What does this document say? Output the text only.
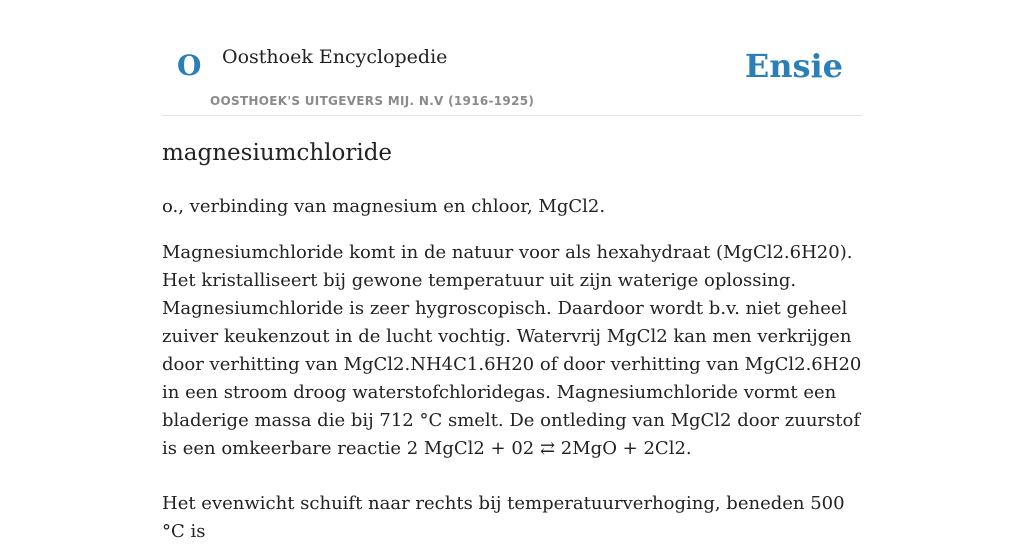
O Oosthoek Encyclopedie
OOSTHOEK'S UITGEVERS MIJ. N.V (1916-1925)
Ensie
magnesiumchloride

o., verbinding van magnesium en chloor, MgCl2.

Magnesiumchloride komt in de natuur voor als hexahydraat (MgCl2.6H20). Het kristalliseert bij gewone temperatuur uit zijn waterige oplossing. Magnesiumchloride is zeer hygroscopisch. Daardoor wordt b.v. niet geheel zuiver keukenzout in de lucht vochtig. Watervrij MgCl2 kan men verkrijgen door verhitting van MgCl2.NH4C1.6H20 of door verhitting van MgCl2.6H20 in een stroom droog waterstofchloridegas. Magnesiumchloride vormt een bladerige massa die bij 712 °C smelt. De ontleding van MgCl2 door zuurstof is een omkeerbare reactie 2 MgCl2 + 02 ⇄ 2MgO + 2Cl2.

Het evenwicht schuift naar rechts bij temperatuurverhoging, beneden 500 °C is
